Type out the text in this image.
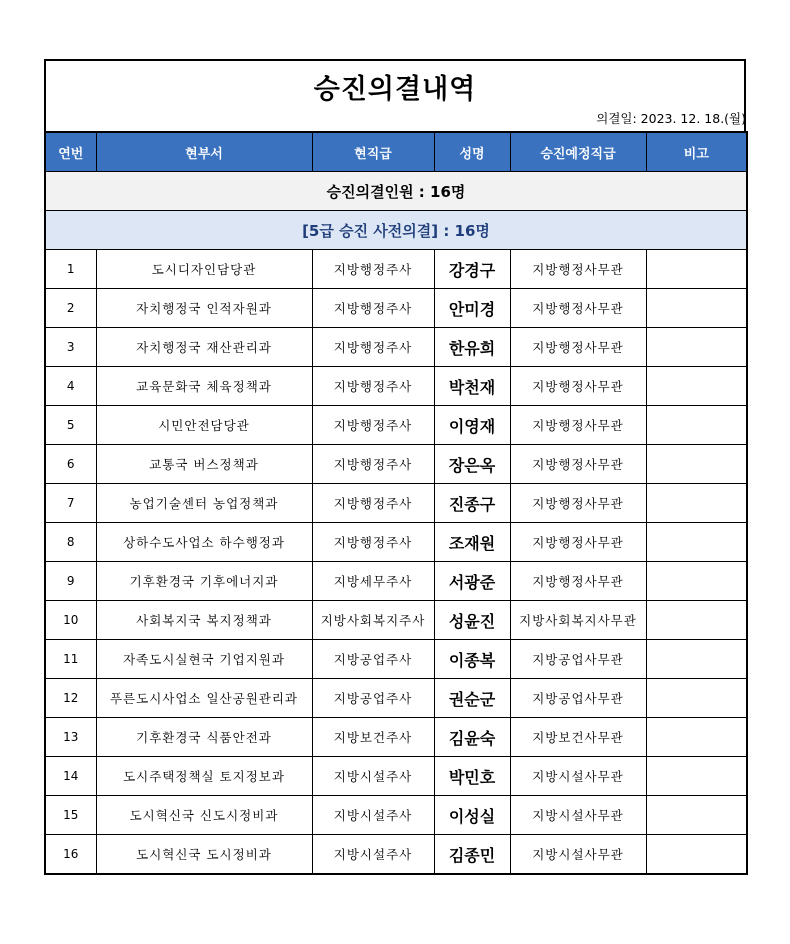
승진의결내역
의결일: 2023. 12. 18.(월)
연번	현부서	현직급	성명	승진예정직급	비고
승진의결인원 : 16명					
[5급 승진 사전의결] : 16명					
1	도시디자인담당관	지방행정주사	강경구	지방행정사무관	
2	자치행정국 인적자원과	지방행정주사	안미경	지방행정사무관	
3	자치행정국 재산관리과	지방행정주사	한유희	지방행정사무관	
4	교육문화국 체육정책과	지방행정주사	박천재	지방행정사무관	
5	시민안전담당관	지방행정주사	이영재	지방행정사무관	
6	교통국 버스정책과	지방행정주사	장은옥	지방행정사무관	
7	농업기술센터 농업정책과	지방행정주사	진종구	지방행정사무관	
8	상하수도사업소 하수행정과	지방행정주사	조재원	지방행정사무관	
9	기후환경국 기후에너지과	지방세무주사	서광준	지방행정사무관	
10	사회복지국 복지정책과	지방사회복지주사	성윤진	지방사회복지사무관	
11	자족도시실현국 기업지원과	지방공업주사	이종복	지방공업사무관	
12	푸른도시사업소 일산공원관리과	지방공업주사	권순군	지방공업사무관	
13	기후환경국 식품안전과	지방보건주사	김윤숙	지방보건사무관	
14	도시주택정책실 토지정보과	지방시설주사	박민호	지방시설사무관	
15	도시혁신국 신도시정비과	지방시설주사	이성실	지방시설사무관	
16	도시혁신국 도시정비과	지방시설주사	김종민	지방시설사무관	
